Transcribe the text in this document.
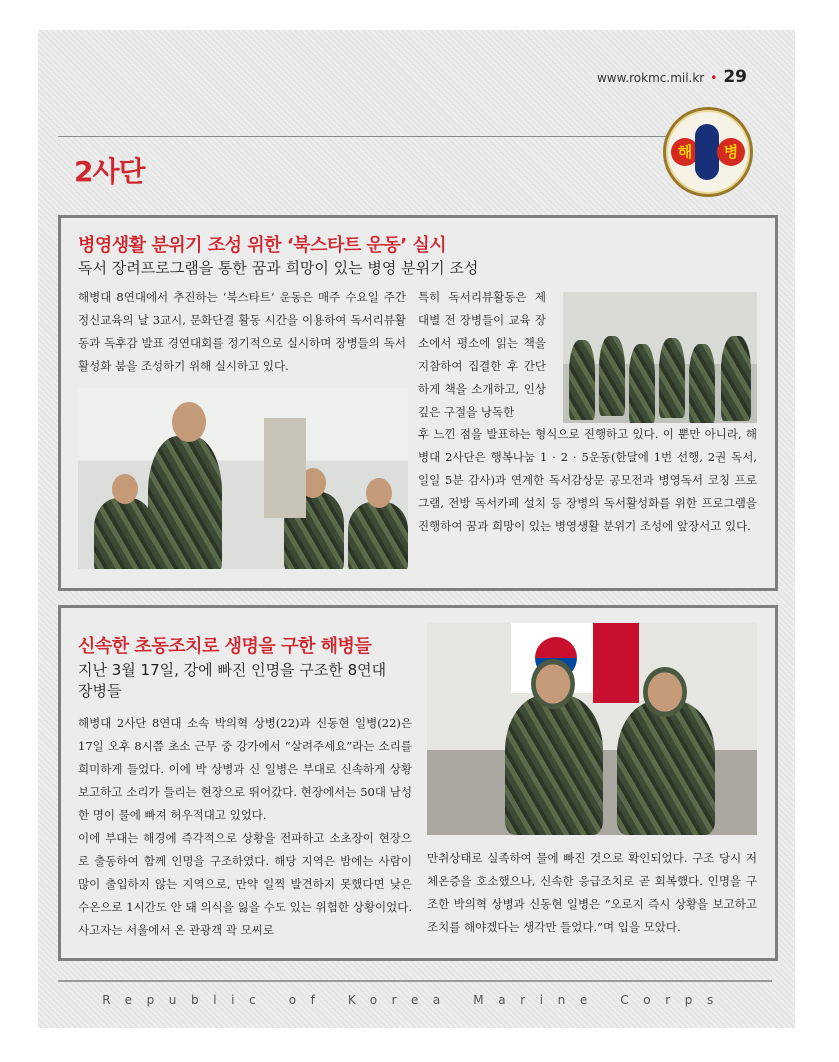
www.rokmc.mil.kr • 29
해	병
2사단
병영생활 분위기 조성 위한 ‘북스타트 운동’ 실시

독서 장려프로그램을 통한 꿈과 희망이 있는 병영 분위기 조성

해병대 8연대에서 추진하는 ‘북스타트’ 운동은 매주 수요일 주간 정신교육의 날 3교시, 문화단결 활동 시간을 이용하여 독서리뷰활동과 독후감 발표 경연대회를 정기적으로 실시하며 장병들의 독서활성화 붐을 조성하기 위해 실시하고 있다.

특히 독서리뷰활동은 제대별 전 장병들이 교육 장소에서 평소에 읽는 책을 지참하여 집결한 후 간단하게 책을 소개하고, 인상 깊은 구절을 낭독한

후 느낀 점을 발표하는 형식으로 진행하고 있다. 이 뿐만 아니라, 해병대 2사단은 행복나눔 1 · 2 · 5운동(한달에 1번 선행, 2권 독서, 일일 5분 감사)과 연계한 독서감상문 공모전과 병영독서 코칭 프로그램, 전방 독서카페 설치 등 장병의 독서활성화를 위한 프로그램을 진행하여 꿈과 희망이 있는 병영생활 분위기 조성에 앞장서고 있다.

신속한 초동조치로 생명을 구한 해병들

지난 3월 17일, 강에 빠진 인명을 구조한 8연대 장병들

해병대 2사단 8연대 소속 박의혁 상병(22)과 신동현 일병(22)은 17일 오후 8시쯤 초소 근무 중 강가에서 “살려주세요”라는 소리를 희미하게 들었다. 이에 박 상병과 신 일병은 부대로 신속하게 상황보고하고 소리가 들리는 현장으로 뛰어갔다. 현장에서는 50대 남성 한 명이 물에 빠져 허우적대고 있었다.

이에 부대는 해경에 즉각적으로 상황을 전파하고 소초장이 현장으로 출동하여 함께 인명을 구조하였다. 해당 지역은 밤에는 사람이 많이 출입하지 않는 지역으로, 만약 일찍 발견하지 못했다면 낮은 수온으로 1시간도 안 돼 의식을 잃을 수도 있는 위험한 상황이었다. 사고자는 서울에서 온 관광객 곽 모씨로

만취상태로 실족하여 물에 빠진 것으로 확인되었다. 구조 당시 저체온증을 호소했으나, 신속한 응급조치로 곧 회복했다. 인명을 구조한 박의혁 상병과 신동현 일병은 “오로지 즉시 상황을 보고하고 조치를 해야겠다는 생각만 들었다.”며 입을 모았다.

Republic of Korea Marine Corps
